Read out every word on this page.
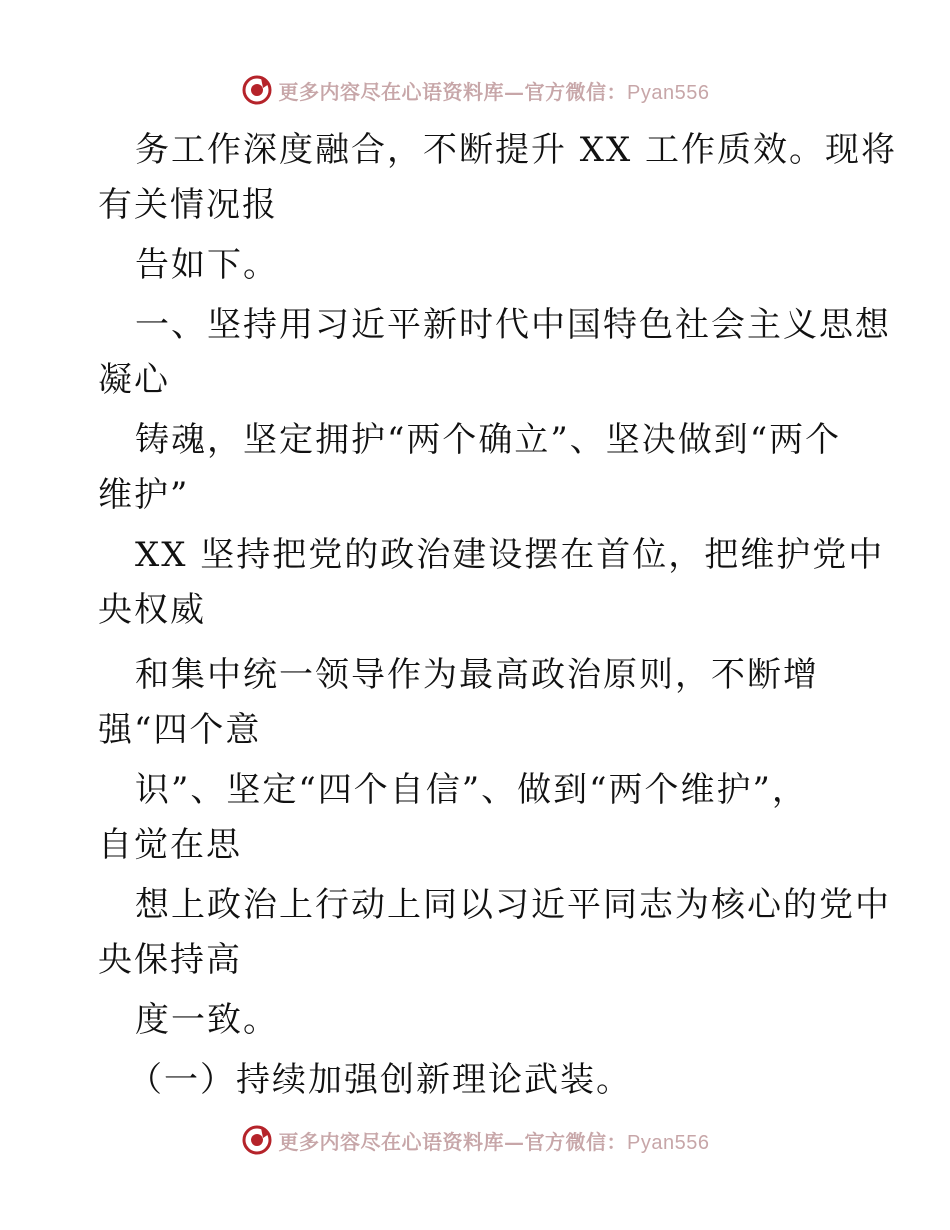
更多内容尽在心语资料库—官方微信：Pyan556
务工作深度融合，不断提升 XX 工作质效。现将
有关情况报
告如下。
一、坚持用习近平新时代中国特色社会主义思想
凝心
铸魂，坚定拥护“两个确立”、坚决做到“两个
维护”
XX 坚持把党的政治建设摆在首位，把维护党中
央权威
和集中统一领导作为最高政治原则，不断增
强“四个意
识”、坚定“四个自信”、做到“两个维护”，
自觉在思
想上政治上行动上同以习近平同志为核心的党中
央保持高
度一致。
（一）持续加强创新理论武装。
更多内容尽在心语资料库—官方微信：Pyan556
